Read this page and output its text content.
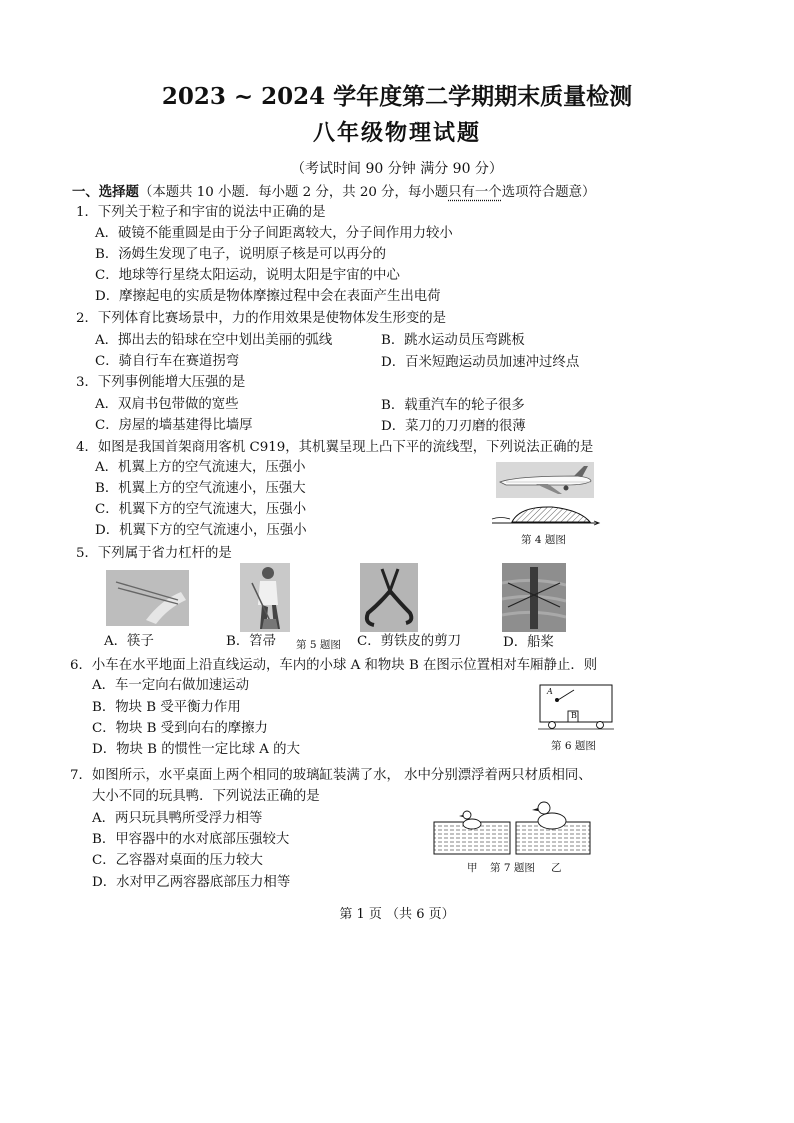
2023 ~ 2024 学年度第二学期期末质量检测
八年级物理试题
（考试时间 90 分钟 满分 90 分）
一、选择题（本题共 10 小题．每小题 2 分，共 20 分，每小题只有一个选项符合题意）
1．下列关于粒子和宇宙的说法中正确的是
A．破镜不能重圆是由于分子间距离较大，分子间作用力较小
B．汤姆生发现了电子，说明原子核是可以再分的
C．地球等行星绕太阳运动，说明太阳是宇宙的中心
D．摩擦起电的实质是物体摩擦过程中会在表面产生出电荷
2．下列体育比赛场景中，力的作用效果是使物体发生形变的是
A．掷出去的铅球在空中划出美丽的弧线	B．跳水运动员压弯跳板
C．骑自行车在赛道拐弯	D．百米短跑运动员加速冲过终点
3．下列事例能增大压强的是
A．双肩书包带做的宽些	B．载重汽车的轮子很多
C．房屋的墙基建得比墙厚	D．菜刀的刀刃磨的很薄
4．如图是我国首架商用客机 C919，其机翼呈现上凸下平的流线型，下列说法正确的是
A．机翼上方的空气流速大，压强小
B．机翼上方的空气流速小，压强大
C．机翼下方的空气流速大，压强小
D．机翼下方的空气流速小，压强小
第 4 题图
5．下列属于省力杠杆的是
A．筷子	B．笤帚 第 5 题图 C．剪铁皮的剪刀	D．船桨
6．小车在水平地面上沿直线运动，车内的小球 A 和物块 B 在图示位置相对车厢静止．则
A．车一定向右做加速运动
B．物块 B 受平衡力作用
C．物块 B 受到向右的摩擦力
D．物块 B 的惯性一定比球 A 的大
A
B
第 6 题图
7．如图所示，水平桌面上两个相同的玻璃缸装满了水， 水中分别漂浮着两只材质相同、
大小不同的玩具鸭．下列说法正确的是
A．两只玩具鸭所受浮力相等
B．甲容器中的水对底部压强较大
C．乙容器对桌面的压力较大
D．水对甲乙两容器底部压力相等
甲 第 7 题图 乙
第 1 页 （共 6 页）
